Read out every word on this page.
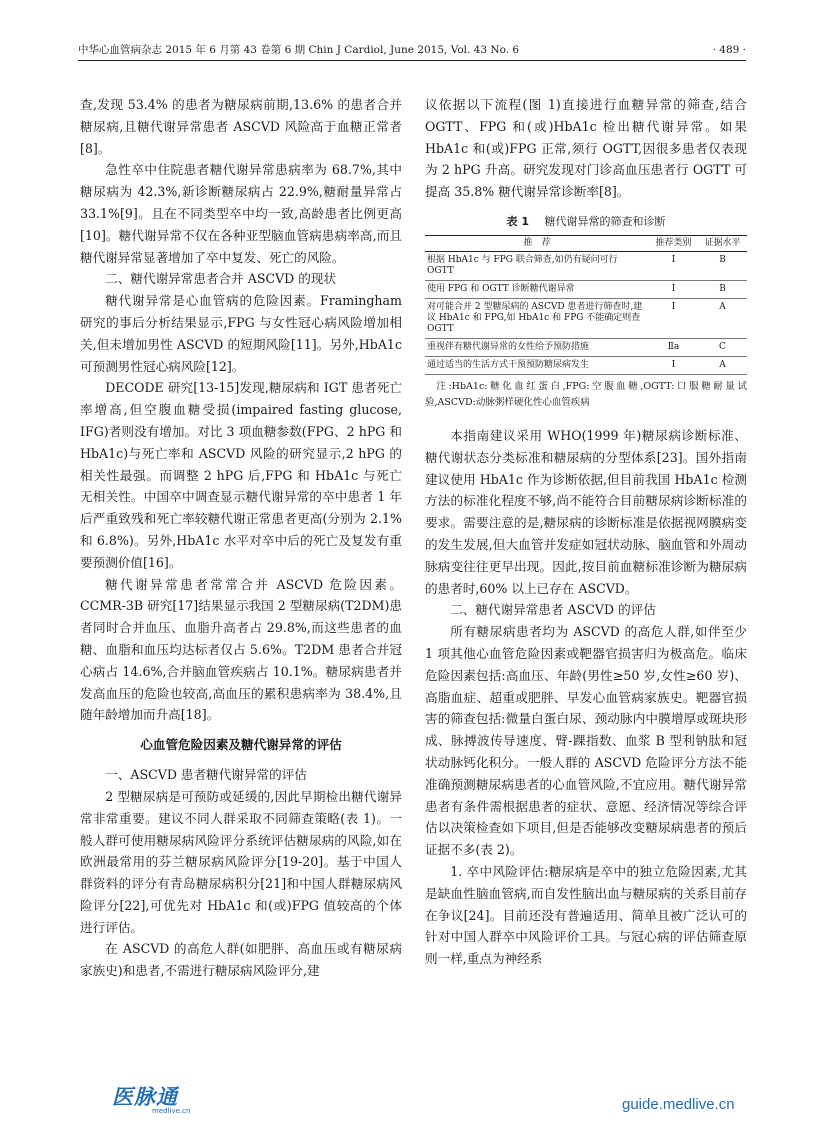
中华心血管病杂志 2015 年 6 月第 43 卷第 6 期 Chin J Cardiol, June 2015, Vol. 43 No. 6	· 489 ·

查,发现 53.4% 的患者为糖尿病前期,13.6% 的患者合并糖尿病,且糖代谢异常患者 ASCVD 风险高于血糖正常者[8]。

急性卒中住院患者糖代谢异常患病率为 68.7%,其中糖尿病为 42.3%,新诊断糖尿病占 22.9%,糖耐量异常占 33.1%[9]。且在不同类型卒中均一致,高龄患者比例更高[10]。糖代谢异常不仅在各种亚型脑血管病患病率高,而且糖代谢异常显著增加了卒中复发、死亡的风险。

二、糖代谢异常患者合并 ASCVD 的现状

糖代谢异常是心血管病的危险因素。Framingham 研究的事后分析结果显示,FPG 与女性冠心病风险增加相关,但未增加男性 ASCVD 的短期风险[11]。另外,HbA1c 可预测男性冠心病风险[12]。

DECODE 研究[13-15]发现,糖尿病和 IGT 患者死亡率增高,但空腹血糖受损(impaired fasting glucose, IFG)者则没有增加。对比 3 项血糖参数(FPG、2 hPG 和 HbA1c)与死亡率和 ASCVD 风险的研究显示,2 hPG 的相关性最强。而调整 2 hPG 后,FPG 和 HbA1c 与死亡无相关性。中国卒中调查显示糖代谢异常的卒中患者 1 年后严重致残和死亡率较糖代谢正常患者更高(分别为 2.1% 和 6.8%)。另外,HbA1c 水平对卒中后的死亡及复发有重要预测价值[16]。

糖代谢异常患者常常合并 ASCVD 危险因素。CCMR-3B 研究[17]结果显示我国 2 型糖尿病(T2DM)患者同时合并血压、血脂升高者占 29.8%,而这些患者的血糖、血脂和血压均达标者仅占 5.6%。T2DM 患者合并冠心病占 14.6%,合并脑血管疾病占 10.1%。糖尿病患者并发高血压的危险也较高,高血压的累积患病率为 38.4%,且随年龄增加而升高[18]。

心血管危险因素及糖代谢异常的评估

一、ASCVD 患者糖代谢异常的评估

2 型糖尿病是可预防或延缓的,因此早期检出糖代谢异常非常重要。建议不同人群采取不同筛查策略(表 1)。一般人群可使用糖尿病风险评分系统评估糖尿病的风险,如在欧洲最常用的芬兰糖尿病风险评分[19-20]。基于中国人群资料的评分有青岛糖尿病积分[21]和中国人群糖尿病风险评分[22],可优先对 HbA1c 和(或)FPG 值较高的个体进行评估。

在 ASCVD 的高危人群(如肥胖、高血压或有糖尿病家族史)和患者,不需进行糖尿病风险评分,建

议依据以下流程(图 1)直接进行血糖异常的筛查,结合 OGTT、FPG 和(或)HbA1c 检出糖代谢异常。如果 HbA1c 和(或)FPG 正常,须行 OGTT,因很多患者仅表现为 2 hPG 升高。研究发现对门诊高血压患者行 OGTT 可提高 35.8% 糖代谢异常诊断率[8]。

表 1 糖代谢异常的筛查和诊断
推　荐	推荐类别	证据水平
根据 HbA1c 与 FPG 联合筛查,如仍有疑问可行 OGTT	Ⅰ	B
使用 FPG 和 OGTT 诊断糖代谢异常	Ⅰ	B
对可能合并 2 型糖尿病的 ASCVD 患者进行筛查时,建议 HbA1c 和 FPG,如 HbA1c 和 FPG 不能确定则查 OGTT	Ⅰ	A
重视伴有糖代谢异常的女性给予预防措施	Ⅱa	C
通过适当的生活方式干预预防糖尿病发生	Ⅰ	A
注:HbA1c:糖化血红蛋白,FPG:空腹血糖,OGTT:口服糖耐量试验,ASCVD:动脉粥样硬化性心血管疾病

本指南建议采用 WHO(1999 年)糖尿病诊断标准、糖代谢状态分类标准和糖尿病的分型体系[23]。国外指南建议使用 HbA1c 作为诊断依据,但目前我国 HbA1c 检测方法的标准化程度不够,尚不能符合目前糖尿病诊断标准的要求。需要注意的是,糖尿病的诊断标准是依据视网膜病变的发生发展,但大血管并发症如冠状动脉、脑血管和外周动脉病变往往更早出现。因此,按目前血糖标准诊断为糖尿病的患者时,60% 以上已存在 ASCVD。

二、糖代谢异常患者 ASCVD 的评估

所有糖尿病患者均为 ASCVD 的高危人群,如伴至少 1 项其他心血管危险因素或靶器官损害归为极高危。临床危险因素包括:高血压、年龄(男性≥50 岁,女性≥60 岁)、高脂血症、超重或肥胖、早发心血管病家族史。靶器官损害的筛查包括:微量白蛋白尿、颈动脉内中膜增厚或斑块形成、脉搏波传导速度、臂-踝指数、血浆 B 型利钠肽和冠状动脉钙化积分。一般人群的 ASCVD 危险评分方法不能准确预测糖尿病患者的心血管风险,不宜应用。糖代谢异常患者有条件需根据患者的症状、意愿、经济情况等综合评估以决策检查如下项目,但是否能够改变糖尿病患者的预后证据不多(表 2)。

1. 卒中风险评估:糖尿病是卒中的独立危险因素,尤其是缺血性脑血管病,而自发性脑出血与糖尿病的关系目前存在争议[24]。目前还没有普遍适用、简单且被广泛认可的针对中国人群卒中风险评价工具。与冠心病的评估筛查原则一样,重点为神经系

医脉通
medlive.cn	guide.medlive.cn
